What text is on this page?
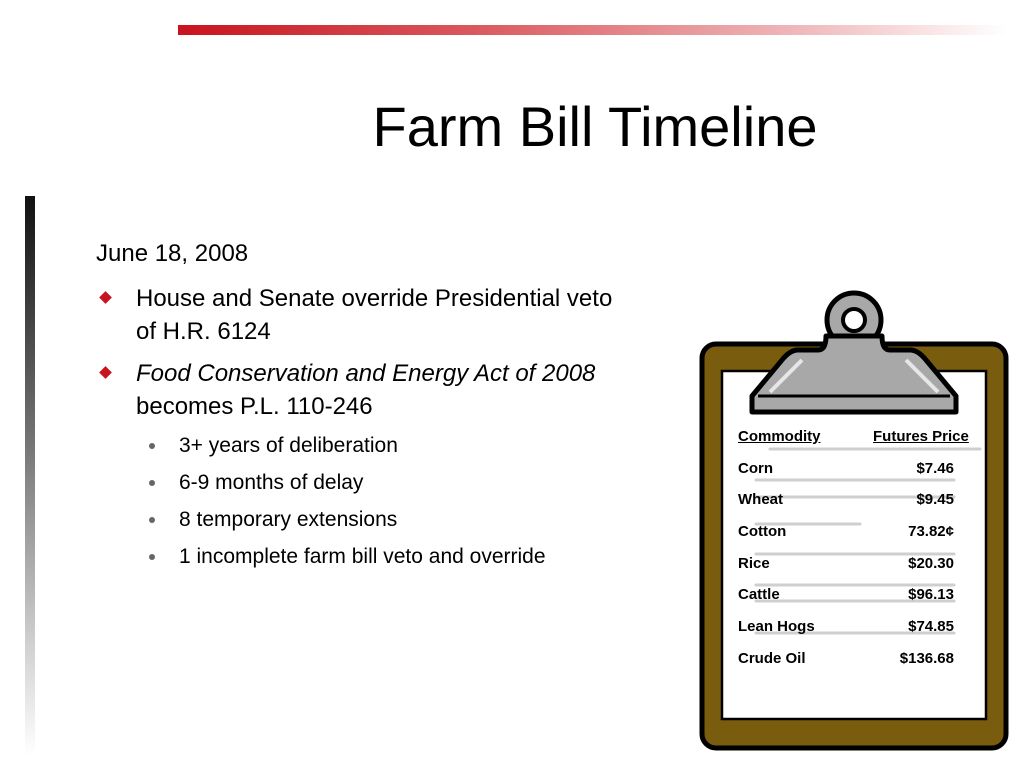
Farm Bill Timeline
June 18, 2008
House and Senate override Presidential veto of H.R. 6124
Food Conservation and Energy Act of 2008 becomes P.L. 110-246
3+ years of deliberation
6-9 months of delay
8 temporary extensions
1 incomplete farm bill veto and override
Commodity	Futures Price
Corn	$7.46
Wheat	$9.45
Cotton	73.82¢
Rice	$20.30
Cattle	$96.13
Lean Hogs	$74.85
Crude Oil	$136.68
